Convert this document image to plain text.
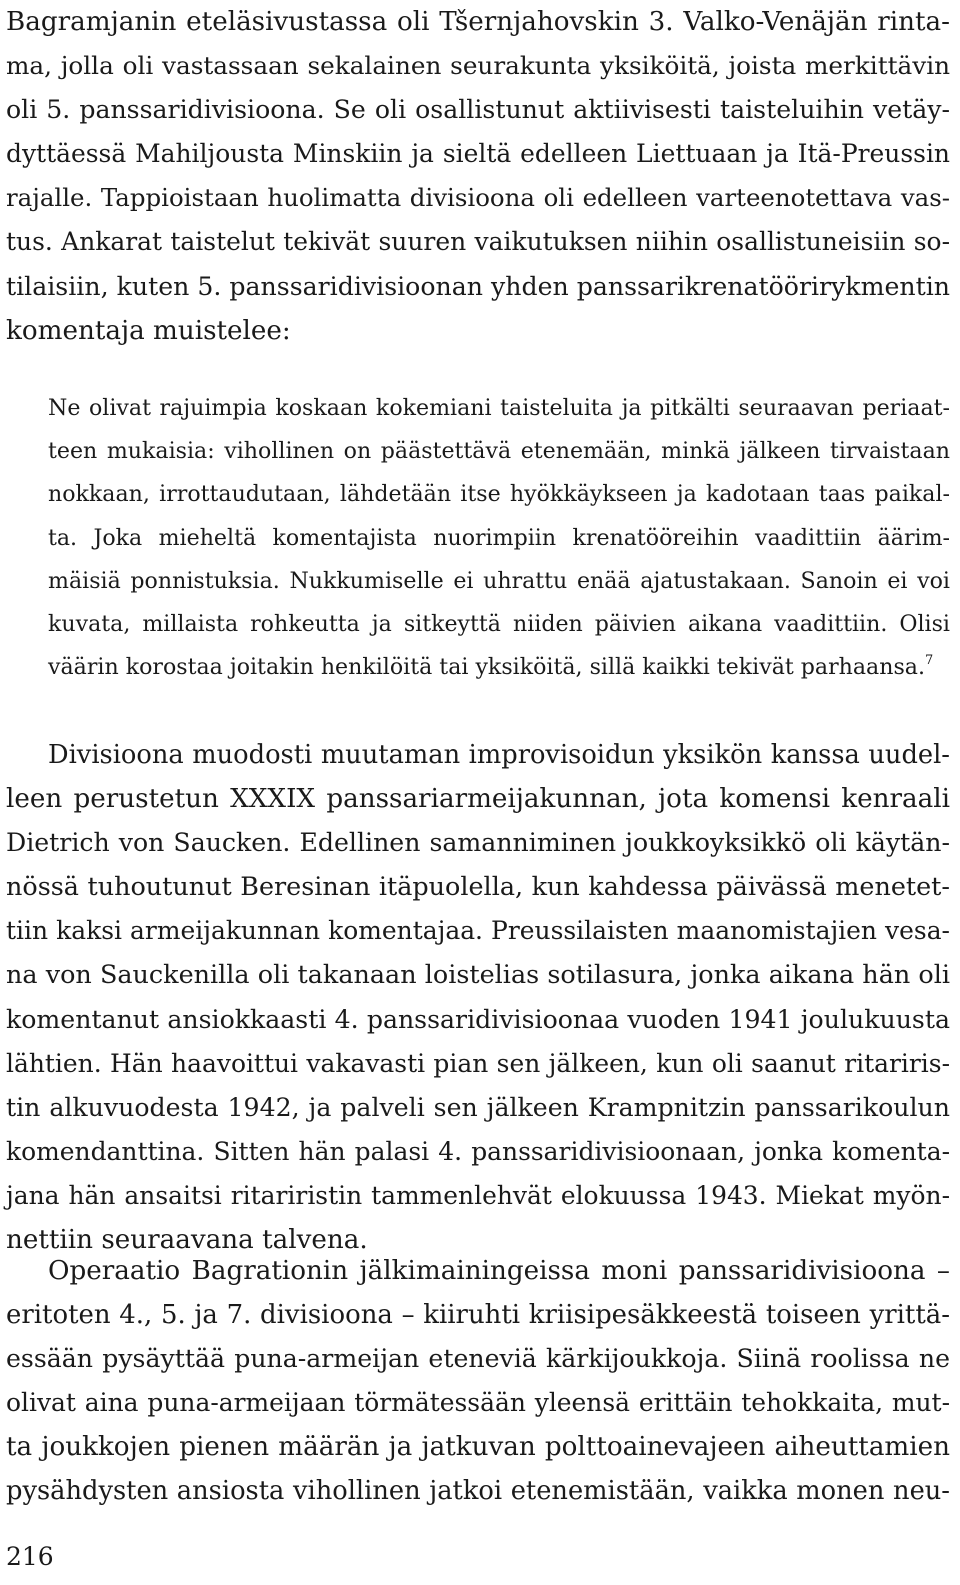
Bagramjanin eteläsivustassa oli Tšernjahovskin 3. Valko-Venäjän rinta-
ma, jolla oli vastassaan sekalainen seurakunta yksiköitä, joista merkittävin
oli 5. panssaridivisioona. Se oli osallistunut aktiivisesti taisteluihin vetäy-
dyttäessä Mahiljousta Minskiin ja sieltä edelleen Liettuaan ja Itä-Preussin
rajalle. Tappioistaan huolimatta divisioona oli edelleen varteenotettava vas-
tus. Ankarat taistelut tekivät suuren vaikutuksen niihin osallistuneisiin so-
tilaisiin, kuten 5. panssaridivisioonan yhden panssarikrenatöörirykmentin
komentaja muistelee:
Ne olivat rajuimpia koskaan kokemiani taisteluita ja pitkälti seuraavan periaat-
teen mukaisia: vihollinen on päästettävä etenemään, minkä jälkeen tirvaistaan
nokkaan, irrottaudutaan, lähdetään itse hyökkäykseen ja kadotaan taas paikal-
ta. Joka mieheltä komentajista nuorimpiin krenatööreihin vaadittiin äärim-
mäisiä ponnistuksia. Nukkumiselle ei uhrattu enää ajatustakaan. Sanoin ei voi
kuvata, millaista rohkeutta ja sitkeyttä niiden päivien aikana vaadittiin. Olisi
väärin korostaa joitakin henkilöitä tai yksiköitä, sillä kaikki tekivät parhaansa.$^7$
Divisioona muodosti muutaman improvisoidun yksikön kanssa uudel-
leen perustetun XXXIX panssariarmeijakunnan, jota komensi kenraali
Dietrich von Saucken. Edellinen samanniminen joukkoyksikkö oli käytän-
nössä tuhoutunut Beresinan itäpuolella, kun kahdessa päivässä menetet-
tiin kaksi armeijakunnan komentajaa. Preussilaisten maanomistajien vesa-
na von Sauckenilla oli takanaan loistelias sotilasura, jonka aikana hän oli
komentanut ansiokkaasti 4. panssaridivisioonaa vuoden 1941 joulukuusta
lähtien. Hän haavoittui vakavasti pian sen jälkeen, kun oli saanut ritariris-
tin alkuvuodesta 1942, ja palveli sen jälkeen Krampnitzin panssarikoulun
komendanttina. Sitten hän palasi 4. panssaridivisioonaan, jonka komenta-
jana hän ansaitsi ritariristin tammenlehvät elokuussa 1943. Miekat myön-
nettiin seuraavana talvena.
Operaatio Bagrationin jälkimainingeissa moni panssaridivisioona –
eritoten 4., 5. ja 7. divisioona – kiiruhti kriisipesäkkeestä toiseen yrittä-
essään pysäyttää puna-armeijan eteneviä kärkijoukkoja. Siinä roolissa ne
olivat aina puna-armeijaan törmätessään yleensä erittäin tehokkaita, mut-
ta joukkojen pienen määrän ja jatkuvan polttoainevajeen aiheuttamien
pysähdysten ansiosta vihollinen jatkoi etenemistään, vaikka monen neu-
216
